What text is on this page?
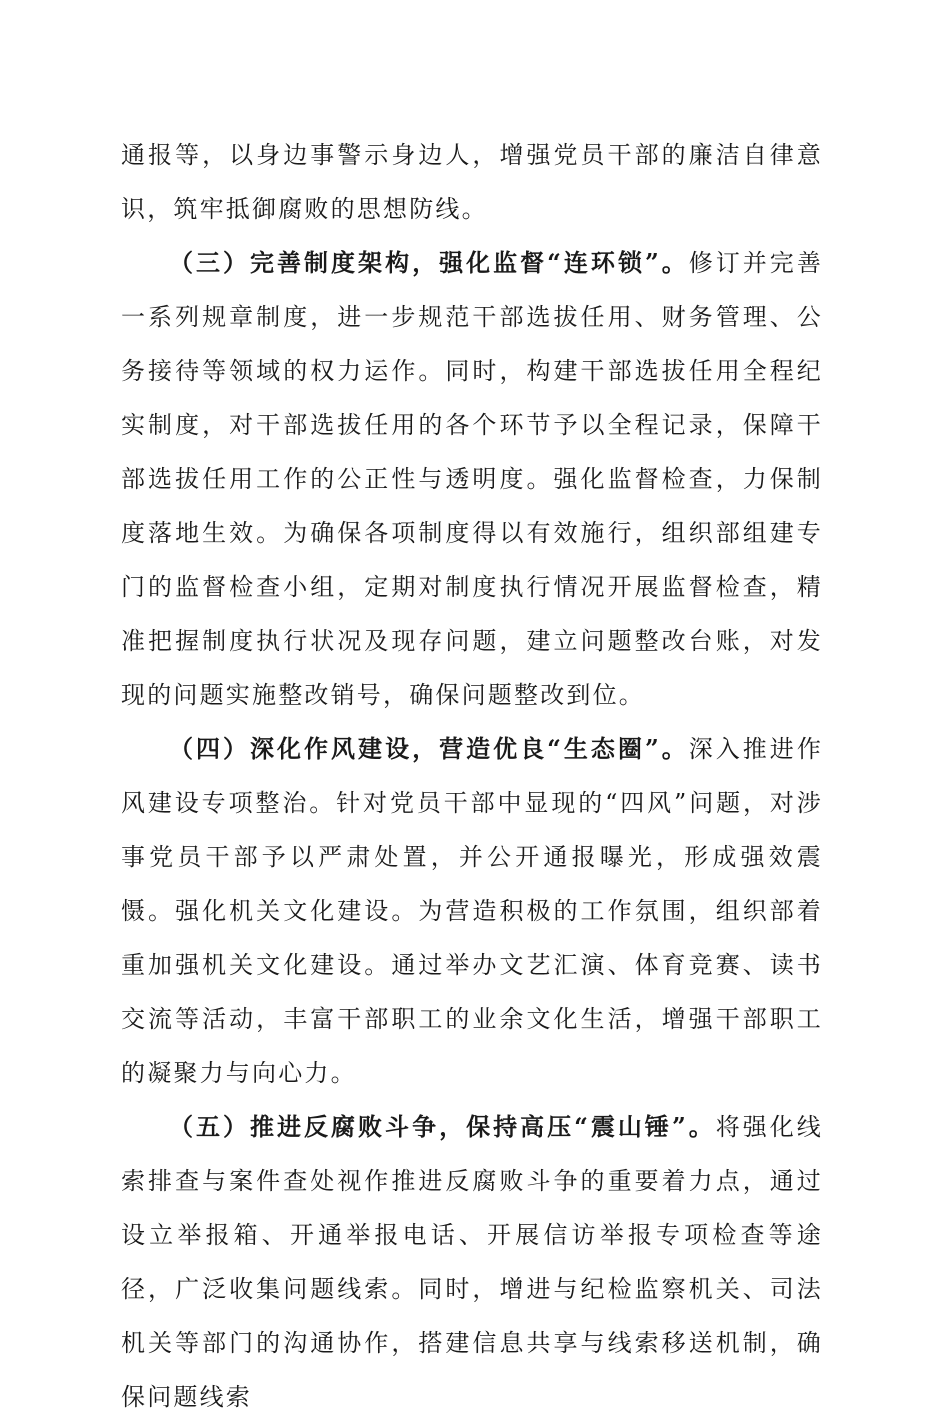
通报等，以身边事警示身边人，增强党员干部的廉洁自律意识，筑牢抵御腐败的思想防线。

（三）完善制度架构，强化监督“连环锁”。修订并完善一系列规章制度，进一步规范干部选拔任用、财务管理、公务接待等领域的权力运作。同时，构建干部选拔任用全程纪实制度，对干部选拔任用的各个环节予以全程记录，保障干部选拔任用工作的公正性与透明度。强化监督检查，力保制度落地生效。为确保各项制度得以有效施行，组织部组建专门的监督检查小组，定期对制度执行情况开展监督检查，精准把握制度执行状况及现存问题，建立问题整改台账，对发现的问题实施整改销号，确保问题整改到位。

（四）深化作风建设，营造优良“生态圈”。深入推进作风建设专项整治。针对党员干部中显现的“四风”问题，对涉事党员干部予以严肃处置，并公开通报曝光，形成强效震慑。强化机关文化建设。为营造积极的工作氛围，组织部着重加强机关文化建设。通过举办文艺汇演、体育竞赛、读书交流等活动，丰富干部职工的业余文化生活，增强干部职工的凝聚力与向心力。

（五）推进反腐败斗争，保持高压“震山锤”。将强化线索排查与案件查处视作推进反腐败斗争的重要着力点，通过设立举报箱、开通举报电话、开展信访举报专项检查等途径，广泛收集问题线索。同时，增进与纪检监察机关、司法机关等部门的沟通协作，搭建信息共享与线索移送机制，确保问题线索
